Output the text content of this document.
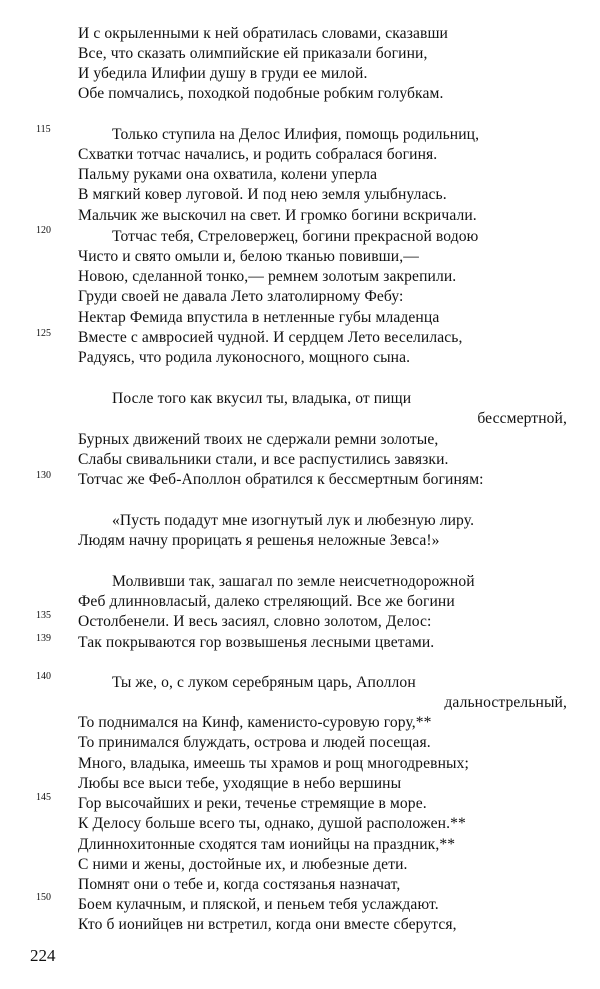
И с окрыленными к ней обратилась словами, сказавши
Все, что сказать олимпийские ей приказали богини,
И убедила Илифии душу в груди ее милой.
Обе помчались, походкой подобные робким голубкам.
115	Только ступила на Делос Илифия, помощь родильниц,
Схватки тотчас начались, и родить собралася богиня.
Пальму руками она охватила, колени уперла
В мягкий ковер луговой. И под нею земля улыбнулась.
Мальчик же выскочил на свет. И громко богини вскричали.
120	Тотчас тебя, Стреловержец, богини прекрасной водою
Чисто и свято омыли и, белою тканью повивши,—
Новою, сделанной тонко,— ремнем золотым закрепили.
Груди своей не давала Лето златолирному Фебу:
Нектар Фемида впустила в нетленные губы младенца
125 Вместе с амвросией чудной. И сердцем Лето веселилась,
Радуясь, что родила луконосного, мощного сына.
После того как вкусил ты, владыка, от пищи
бессмертной,
Бурных движений твоих не сдержали ремни золотые,
Слабы свивальники стали, и все распустились завязки.
130 Тотчас же Феб-Аполлон обратился к бессмертным богиням:
«Пусть подадут мне изогнутый лук и любезную лиру.
Людям начну прорицать я решенья неложные Зевса!»
Молвивши так, зашагал по земле неисчетнодорожной
Феб длинновласый, далеко стреляющий. Все же богини
135 Остолбенели. И весь засиял, словно золотом, Делос:
139 Так покрываются гор возвышенья лесными цветами.
140	Ты же, о, с луком серебряным царь, Аполлон
дальнострельный,
То поднимался на Кинф, каменисто-суровую гору,**
То принимался блуждать, острова и людей посещая.
Много, владыка, имеешь ты храмов и рощ многодревных;
Любы все выси тебе, уходящие в небо вершины
145 Гор высочайших и реки, теченье стремящие в море.
К Делосу больше всего ты, однако, душой расположен.**
Длиннохитонные сходятся там ионийцы на праздник,**
С ними и жены, достойные их, и любезные дети.
Помнят они о тебе и, когда состязанья назначат,
150 Боем кулачным, и пляской, и пеньем тебя услаждают.
Кто б ионийцев ни встретил, когда они вместе сберутся,
224
